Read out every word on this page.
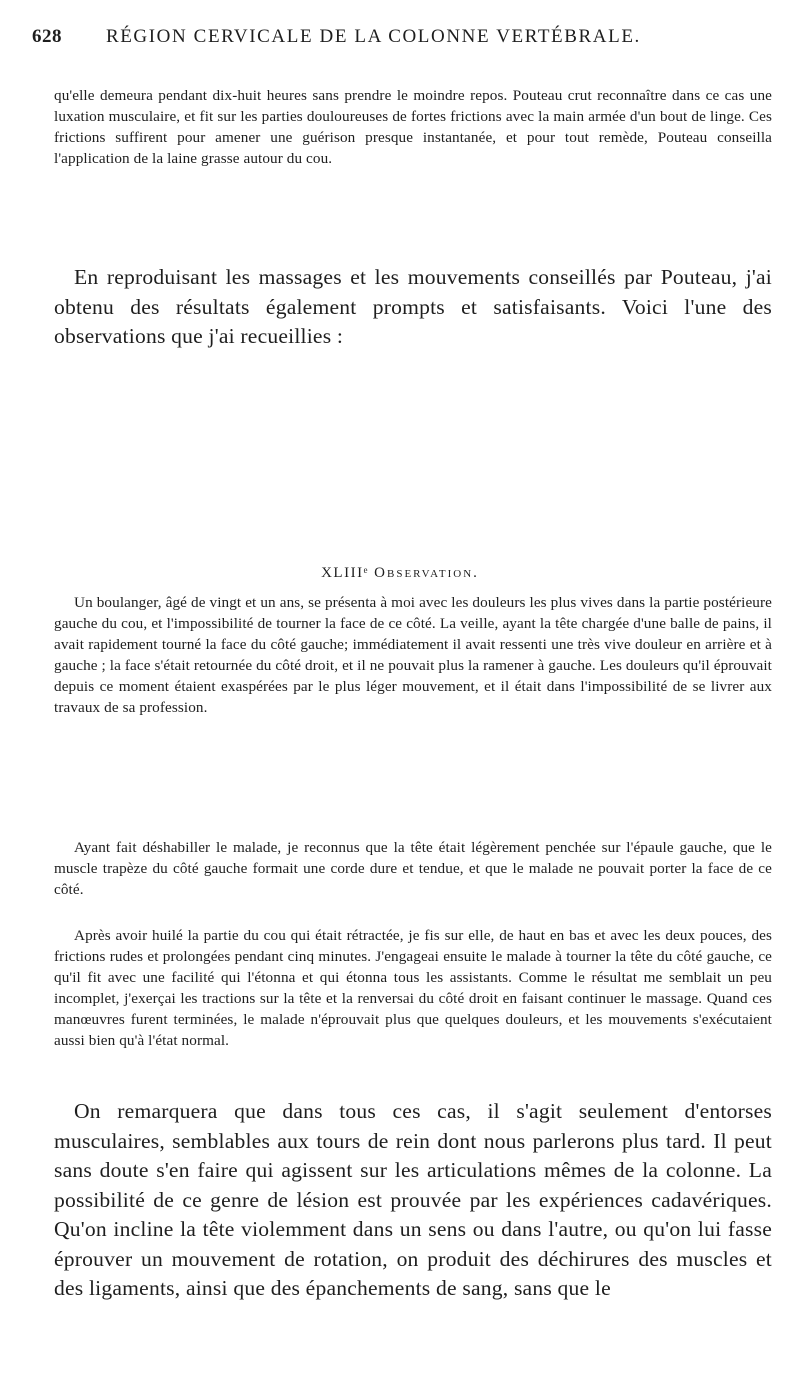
628 RÉGION CERVICALE DE LA COLONNE VERTÉBRALE.

qu'elle demeura pendant dix-huit heures sans prendre le moindre repos. Pouteau crut reconnaître dans ce cas une luxation musculaire, et fit sur les parties douloureuses de fortes frictions avec la main armée d'un bout de linge. Ces frictions suffirent pour amener une guérison presque instantanée, et pour tout remède, Pouteau conseilla l'application de la laine grasse autour du cou.

En reproduisant les massages et les mouvements conseillés par Pouteau, j'ai obtenu des résultats également prompts et satisfaisants. Voici l'une des observations que j'ai recueillies :

XLIIIᵉ Observation.

Un boulanger, âgé de vingt et un ans, se présenta à moi avec les douleurs les plus vives dans la partie postérieure gauche du cou, et l'impossibilité de tourner la face de ce côté. La veille, ayant la tête chargée d'une balle de pains, il avait rapidement tourné la face du côté gauche; immédiatement il avait ressenti une très vive douleur en arrière et à gauche ; la face s'était retournée du côté droit, et il ne pouvait plus la ramener à gauche. Les douleurs qu'il éprouvait depuis ce moment étaient exaspérées par le plus léger mouvement, et il était dans l'impossibilité de se livrer aux travaux de sa profession.

Ayant fait déshabiller le malade, je reconnus que la tête était légèrement penchée sur l'épaule gauche, que le muscle trapèze du côté gauche formait une corde dure et tendue, et que le malade ne pouvait porter la face de ce côté.

Après avoir huilé la partie du cou qui était rétractée, je fis sur elle, de haut en bas et avec les deux pouces, des frictions rudes et prolongées pendant cinq minutes. J'engageai ensuite le malade à tourner la tête du côté gauche, ce qu'il fit avec une facilité qui l'étonna et qui étonna tous les assistants. Comme le résultat me semblait un peu incomplet, j'exerçai les tractions sur la tête et la renversai du côté droit en faisant continuer le massage. Quand ces manœuvres furent terminées, le malade n'éprouvait plus que quelques douleurs, et les mouvements s'exécutaient aussi bien qu'à l'état normal.

On remarquera que dans tous ces cas, il s'agit seulement d'entorses musculaires, semblables aux tours de rein dont nous parlerons plus tard. Il peut sans doute s'en faire qui agissent sur les articulations mêmes de la colonne. La possibilité de ce genre de lésion est prouvée par les expériences cadavériques. Qu'on incline la tête violemment dans un sens ou dans l'autre, ou qu'on lui fasse éprouver un mouvement de rotation, on produit des déchirures des muscles et des ligaments, ainsi que des épanchements de sang, sans que le
